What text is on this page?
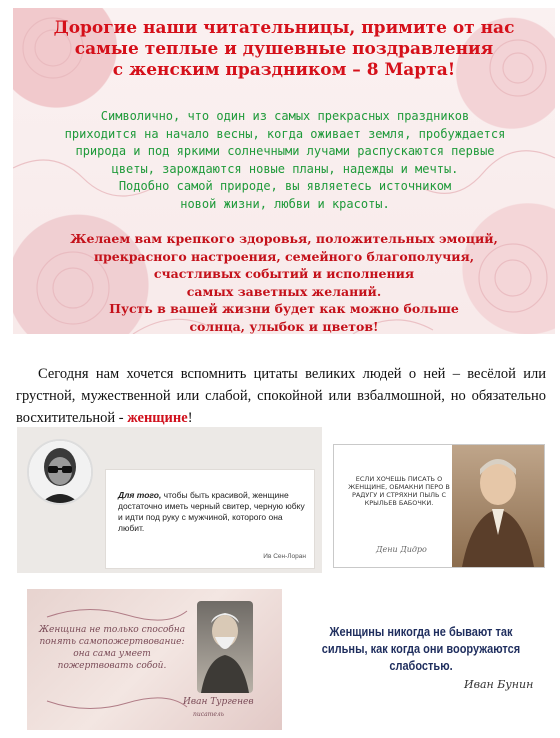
Дорогие наши читательницы, примите от нас
самые теплые и душевные поздравления
с женским праздником – 8 Марта!
Символично, что один из самых прекрасных праздников
приходится на начало весны, когда оживает земля, пробуждается
природа и под яркими солнечными лучами распускаются первые
цветы, зарождаются новые планы, надежды и мечты.
Подобно самой природе, вы являетесь источником
новой жизни, любви и красоты.
Желаем вам крепкого здоровья, положительных эмоций,
прекрасного настроения, семейного благополучия,
счастливых событий и исполнения
самых заветных желаний.
Пусть в вашей жизни будет как можно больше
солнца, улыбок и цветов!

Сегодня нам хочется вспомнить цитаты великих людей о ней – весёлой или грустной, мужественной или слабой, спокойной или взбалмошной, но обязательно восхитительной - женщине!

Для того, чтобы быть красивой, женщине достаточно иметь черный свитер, черную юбку и идти под руку с мужчиной, которого она любит.
Ив Сен-Лоран
ЕСЛИ ХОЧЕШЬ ПИСАТЬ О ЖЕНЩИНЕ, ОБМАКНИ ПЕРО В РАДУГУ И СТРЯХНИ ПЫЛЬ С КРЫЛЬЕВ БАБОЧКИ.
Дени Дидро
Женщина не только способна понять самопожертвование: она сама умеет пожертвовать собой.
Иван Тургенев
писатель
Женщины никогда не бывают так сильны, как когда они вооружаются слабостью.
Иван Бунин
